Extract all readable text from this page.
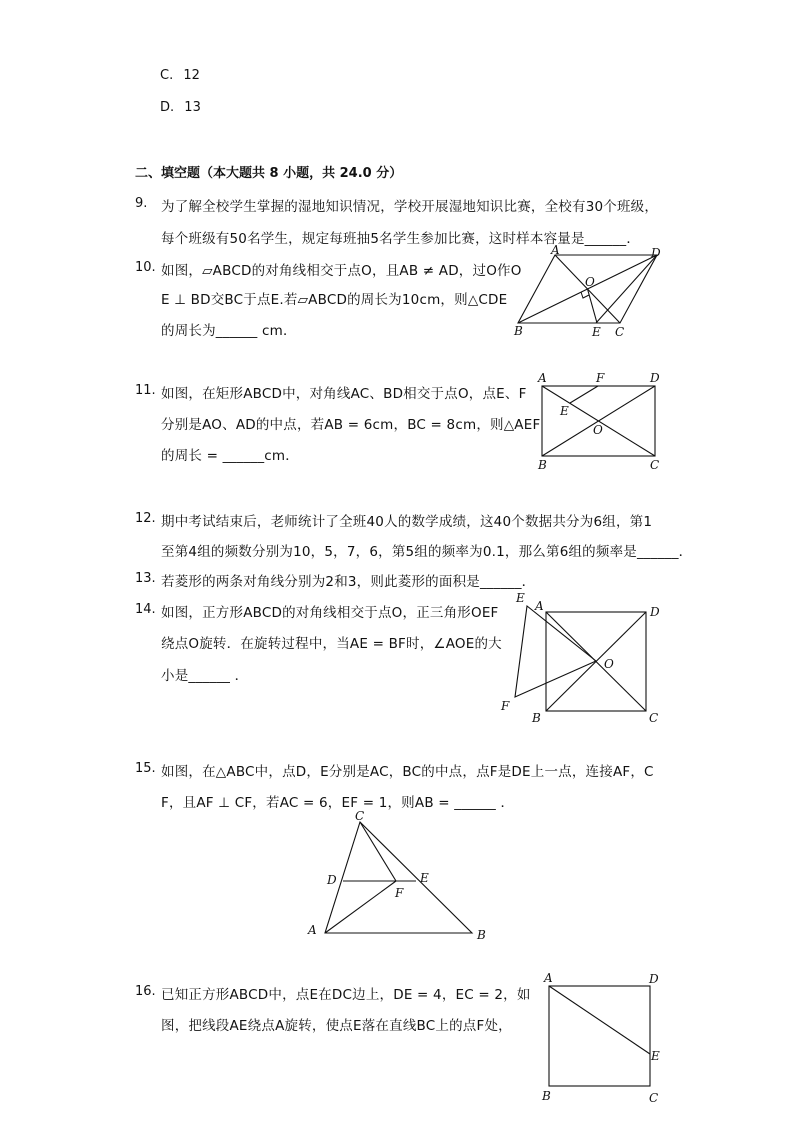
C. 12
D. 13
二、填空题（本大题共 8 小题，共 24.0 分）
9. 为了解全校学生掌握的湿地知识情况，学校开展湿地知识比赛，全校有30个班级，
每个班级有50名学生，规定每班抽5名学生参加比赛，这时样本容量是______．
10. 如图，▱ABCD的对角线相交于点O，且AB ≠ AD，过O作O
E ⊥ BD交BC于点E.若▱ABCD的周长为10cm，则△CDE
的周长为______ cm．
A	D
O
B	E C
11. 如图，在矩形ABCD中，对角线AC、BD相交于点O，点E、F
分别是AO、AD的中点，若AB = 6cm，BC = 8cm，则△AEF
的周长 = ______cm．
A	F	D
E
O
B	C
12. 期中考试结束后，老师统计了全班40人的数学成绩，这40个数据共分为6组，第1
至第4组的频数分别为10，5，7，6，第5组的频率为0.1，那么第6组的频率是______．
13. 若菱形的两条对角线分别为2和3，则此菱形的面积是______．
14. 如图，正方形ABCD的对角线相交于点O，正三角形OEF
绕点O旋转．在旋转过程中，当AE = BF时，∠AOE的大
小是______ ．
E
A	D
O
F
B	C
15. 如图，在△ABC中，点D，E分别是AC，BC的中点，点F是DE上一点，连接AF，C
F，且AF ⊥ CF，若AC = 6，EF = 1，则AB = ______ ．
C
D	E
F
A	B
16. 已知正方形ABCD中，点E在DC边上，DE = 4，EC = 2，如
图，把线段AE绕点A旋转，使点E落在直线BC上的点F处，
A	D
E
B	C
